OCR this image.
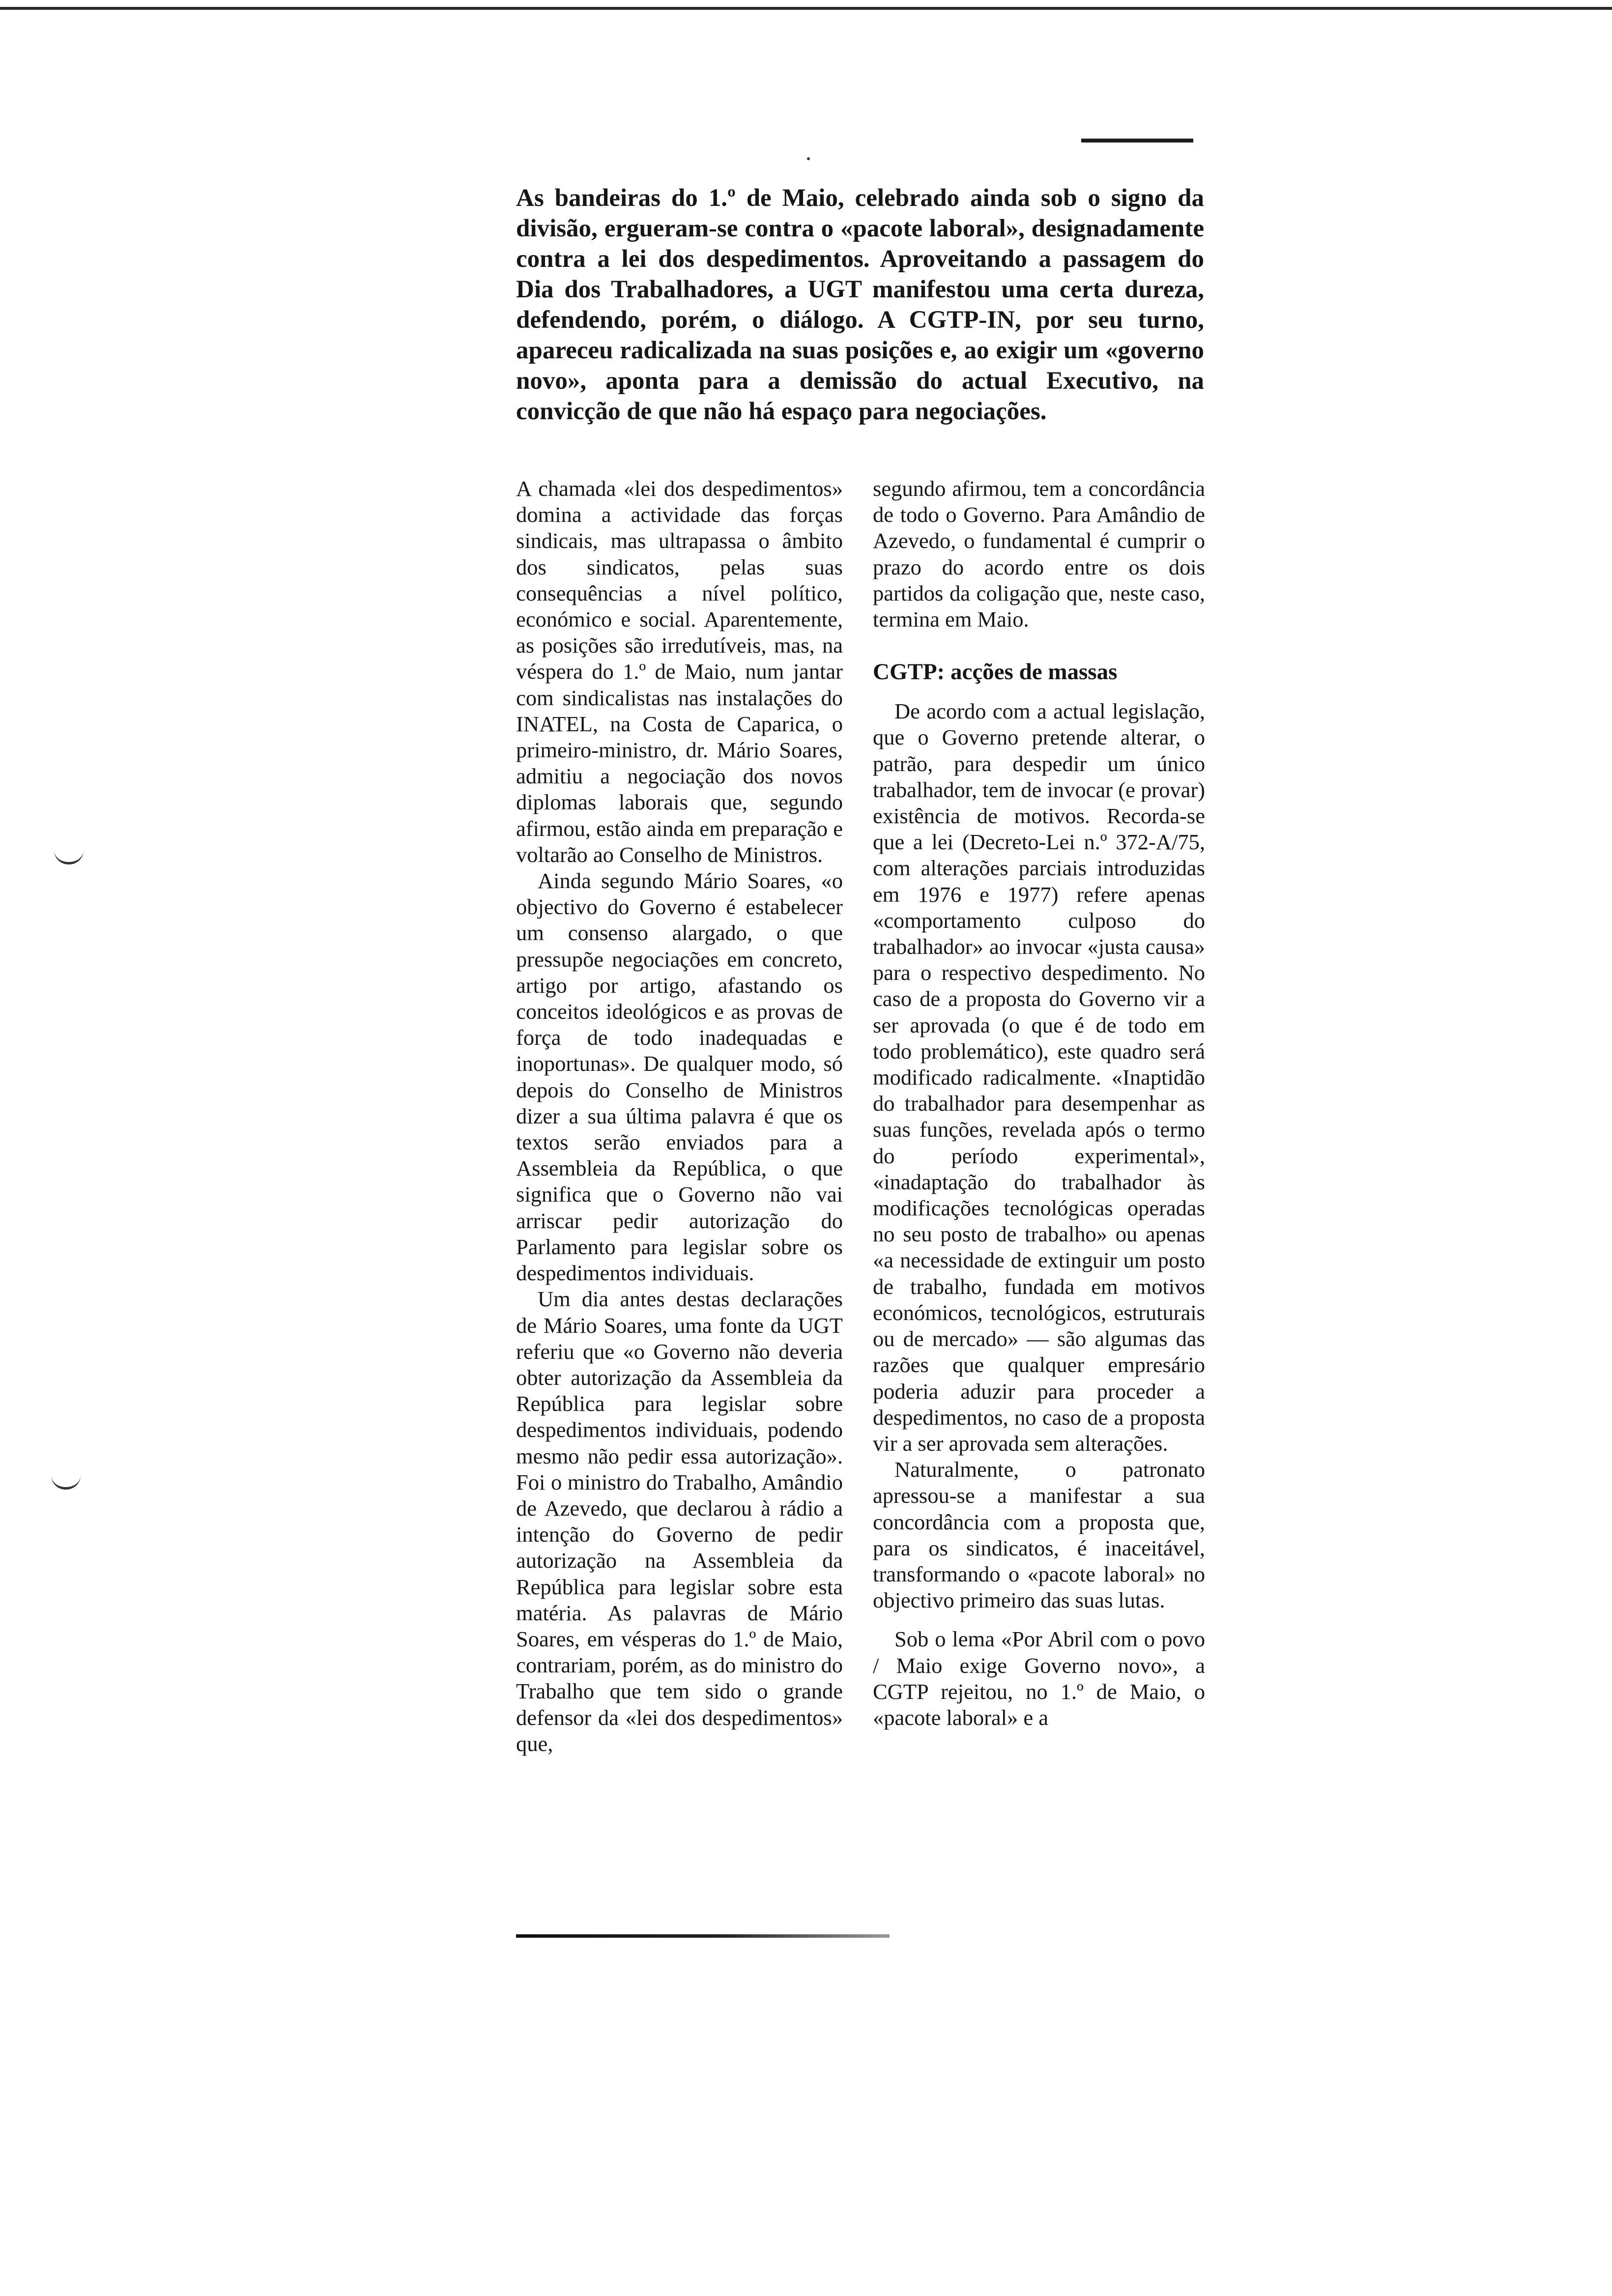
As bandeiras do 1.º de Maio, celebrado ainda sob o signo da divisão, ergueram-se contra o «pacote laboral», designadamente contra a lei dos despedimentos. Aproveitando a passagem do Dia dos Trabalhadores, a UGT manifestou uma certa dureza, defendendo, porém, o diálogo. A CGTP-IN, por seu turno, apareceu radicalizada na suas posições e, ao exigir um «governo novo», aponta para a demissão do actual Executivo, na convicção de que não há espaço para negociações.

A chamada «lei dos despedimentos» domina a actividade das forças sindicais, mas ultrapassa o âmbito dos sindicatos, pelas suas consequências a nível político, económico e social. Aparentemente, as posições são irredutíveis, mas, na véspera do 1.º de Maio, num jantar com sindicalistas nas instalações do INATEL, na Costa de Caparica, o primeiro-ministro, dr. Mário Soares, admitiu a negociação dos novos diplomas laborais que, segundo afirmou, estão ainda em preparação e voltarão ao Conselho de Ministros.

Ainda segundo Mário Soares, «o objectivo do Governo é estabelecer um consenso alargado, o que pressupõe negociações em concreto, artigo por artigo, afastando os conceitos ideológicos e as provas de força de todo inadequadas e inoportunas». De qualquer modo, só depois do Conselho de Ministros dizer a sua última palavra é que os textos serão enviados para a Assembleia da República, o que significa que o Governo não vai arriscar pedir autorização do Parlamento para legislar sobre os despedimentos individuais.

Um dia antes destas declarações de Mário Soares, uma fonte da UGT referiu que «o Governo não deveria obter autorização da Assembleia da República para legislar sobre despedimentos individuais, podendo mesmo não pedir essa autorização». Foi o ministro do Trabalho, Amândio de Azevedo, que declarou à rádio a intenção do Governo de pedir autorização na Assembleia da República para legislar sobre esta matéria. As palavras de Mário Soares, em vésperas do 1.º de Maio, contrariam, porém, as do ministro do Trabalho que tem sido o grande defensor da «lei dos despedimentos» que,

segundo afirmou, tem a concordância de todo o Governo. Para Amândio de Azevedo, o fundamental é cumprir o prazo do acordo entre os dois partidos da coligação que, neste caso, termina em Maio.

CGTP: acções de massas

De acordo com a actual legislação, que o Governo pretende alterar, o patrão, para despedir um único trabalhador, tem de invocar (e provar) existência de motivos. Recorda-se que a lei (Decreto-Lei n.º 372-A/75, com alterações parciais introduzidas em 1976 e 1977) refere apenas «comportamento culposo do trabalhador» ao invocar «justa causa» para o respectivo despedimento. No caso de a proposta do Governo vir a ser aprovada (o que é de todo em todo problemático), este quadro será modificado radicalmente. «Inaptidão do trabalhador para desempenhar as suas funções, revelada após o termo do período experimental», «inadaptação do trabalhador às modificações tecnológicas operadas no seu posto de trabalho» ou apenas «a necessidade de extinguir um posto de trabalho, fundada em motivos económicos, tecnológicos, estruturais ou de mercado» — são algumas das razões que qualquer empresário poderia aduzir para proceder a despedimentos, no caso de a proposta vir a ser aprovada sem alterações.

Naturalmente, o patronato apressou-se a manifestar a sua concordância com a proposta que, para os sindicatos, é inaceitável, transformando o «pacote laboral» no objectivo primeiro das suas lutas.

Sob o lema «Por Abril com o povo / Maio exige Governo novo», a CGTP rejeitou, no 1.º de Maio, o «pacote laboral» e a
